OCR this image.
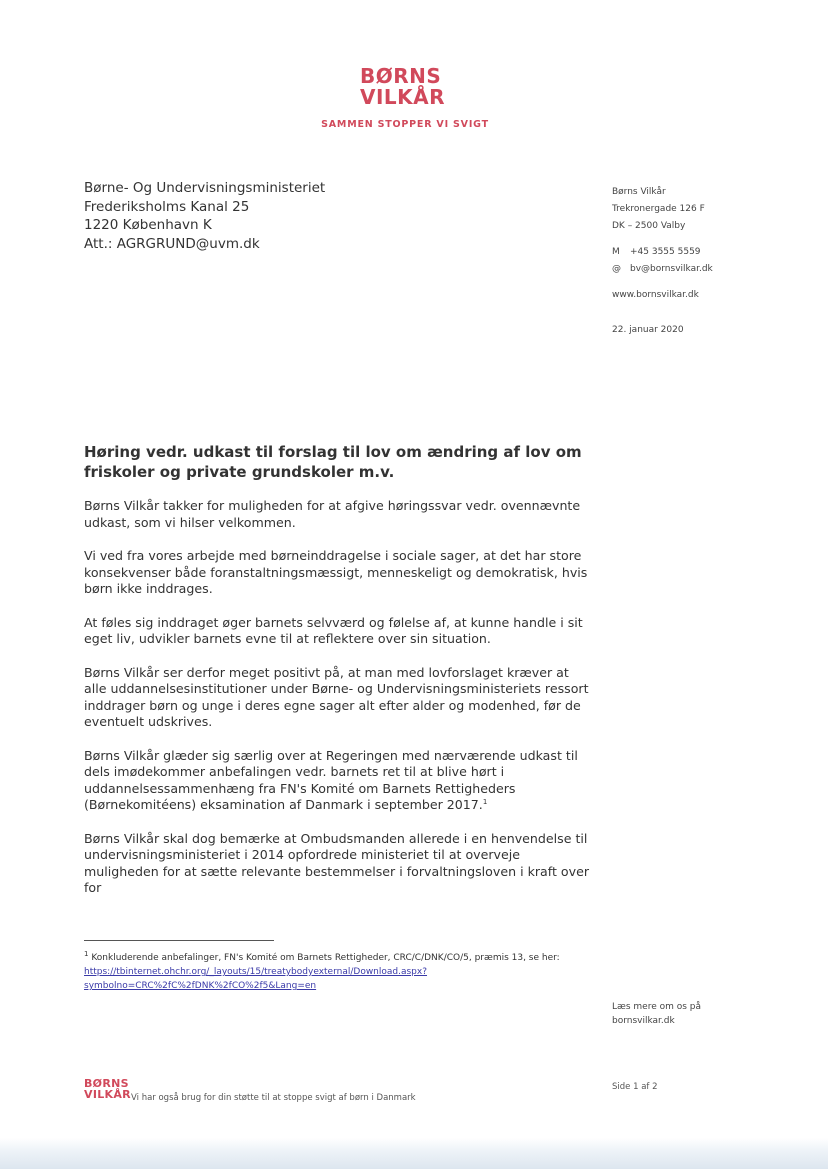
BØRNS
VILKÅR
SAMMEN STOPPER VI SVIGT
Børne- Og Undervisningsministeriet
Frederiksholms Kanal 25
1220 København K
Att.: AGRGRUND@uvm.dk
Børns Vilkår
Trekronergade 126 F
DK – 2500 Valby
M +45 3555 5559
@ bv@bornsvilkar.dk
www.bornsvilkar.dk
22. januar 2020
Høring vedr. udkast til forslag til lov om ændring af lov om friskoler og private grundskoler m.v.

Børns Vilkår takker for muligheden for at afgive høringssvar vedr. ovennævnte udkast, som vi hilser velkommen.

Vi ved fra vores arbejde med børneinddragelse i sociale sager, at det har store konsekvenser både foranstaltningsmæssigt, menneskeligt og demokratisk, hvis børn ikke inddrages.

At føles sig inddraget øger barnets selvværd og følelse af, at kunne handle i sit eget liv, udvikler barnets evne til at reflektere over sin situation.

Børns Vilkår ser derfor meget positivt på, at man med lovforslaget kræver at alle uddannelsesinstitutioner under Børne- og Undervisningsministeriets ressort inddrager børn og unge i deres egne sager alt efter alder og modenhed, før de eventuelt udskrives.

Børns Vilkår glæder sig særlig over at Regeringen med nærværende udkast til dels imødekommer anbefalingen vedr. barnets ret til at blive hørt i uddannelsessammenhæng fra FN's Komité om Barnets Rettigheders (Børnekomitéens) eksamination af Danmark i september 2017.$^1$

Børns Vilkår skal dog bemærke at Ombudsmanden allerede i en henvendelse til undervisningsministeriet i 2014 opfordrede ministeriet til at overveje muligheden for at sætte relevante bestemmelser i forvaltningsloven i kraft over for

$^1$ Konkluderende anbefalinger, FN's Komité om Barnets Rettigheder, CRC/C/DNK/CO/5, præmis 13, se her: https://tbinternet.ohchr.org/_layouts/15/treatybodyexternal/Download.aspx?symbolno=CRC%2fC%2fDNK%2fCO%2f5&Lang=en
Læs mere om os på
bornsvilkar.dk
BØRNS
VILKÅR Vi har også brug for din støtte til at stoppe svigt af børn i Danmark
Side 1 af 2
